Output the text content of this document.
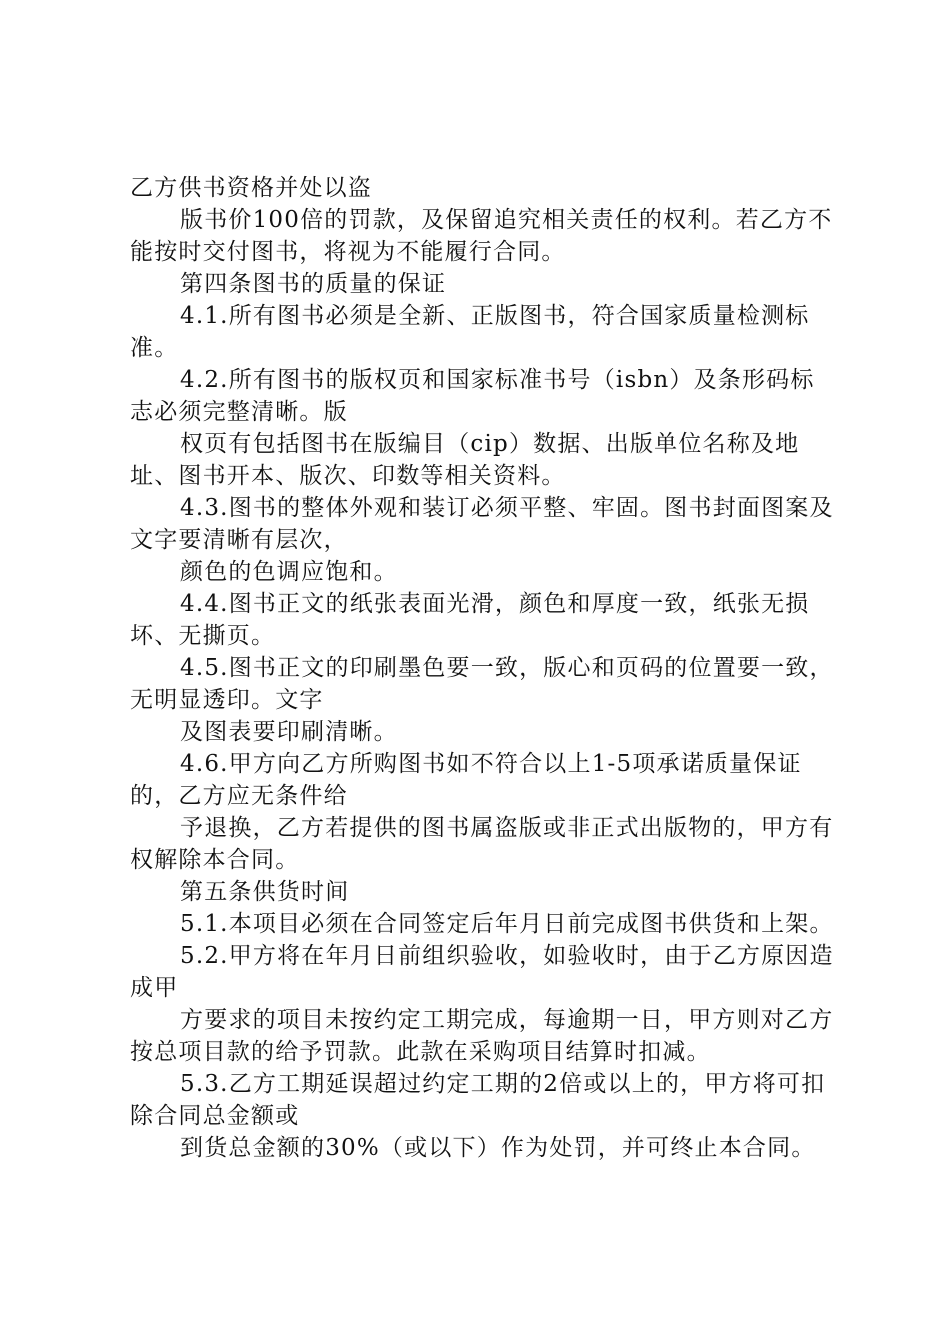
乙方供书资格并处以盗

版书价100倍的罚款，及保留追究相关责任的权利。若乙方不能按时交付图书，将视为不能履行合同。

第四条图书的质量的保证

4.1.所有图书必须是全新、正版图书，符合国家质量检测标准。

4.2.所有图书的版权页和国家标准书号（isbn）及条形码标志必须完整清晰。版

权页有包括图书在版编目（cip）数据、出版单位名称及地址、图书开本、版次、印数等相关资料。

4.3.图书的整体外观和装订必须平整、牢固。图书封面图案及文字要清晰有层次，

颜色的色调应饱和。

4.4.图书正文的纸张表面光滑，颜色和厚度一致，纸张无损坏、无撕页。

4.5.图书正文的印刷墨色要一致，版心和页码的位置要一致，无明显透印。文字

及图表要印刷清晰。

4.6.甲方向乙方所购图书如不符合以上1-5项承诺质量保证的，乙方应无条件给

予退换，乙方若提供的图书属盗版或非正式出版物的，甲方有权解除本合同。

第五条供货时间

5.1.本项目必须在合同签定后年月日前完成图书供货和上架。

5.2.甲方将在年月日前组织验收，如验收时，由于乙方原因造成甲

方要求的项目未按约定工期完成，每逾期一日，甲方则对乙方按总项目款的给予罚款。此款在采购项目结算时扣减。

5.3.乙方工期延误超过约定工期的2倍或以上的，甲方将可扣除合同总金额或

到货总金额的30%（或以下）作为处罚，并可终止本合同。
